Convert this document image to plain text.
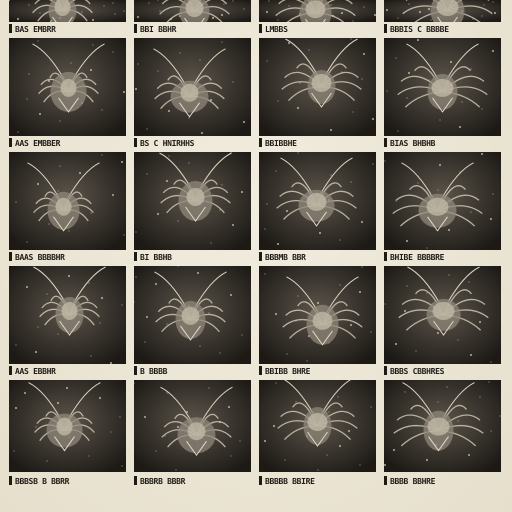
BAS EMBRR	BBI BBHR	LMBBS	BBBIS C BBBBE
AAS EMBBER	BS C HNIRHHS	BBIBBHE	BIAS BHBHB
BAAS BBBBHR	BI BBHB	BBBMB BBR	BHIBE BBBBRE
AAS EBBHR	B BBBB	BBIBB BHRE	BBBS CBBHRES
BBBSB B BBRR	BBBRB BBBR	BBBBB BBIRE	BBBB BBHRE
